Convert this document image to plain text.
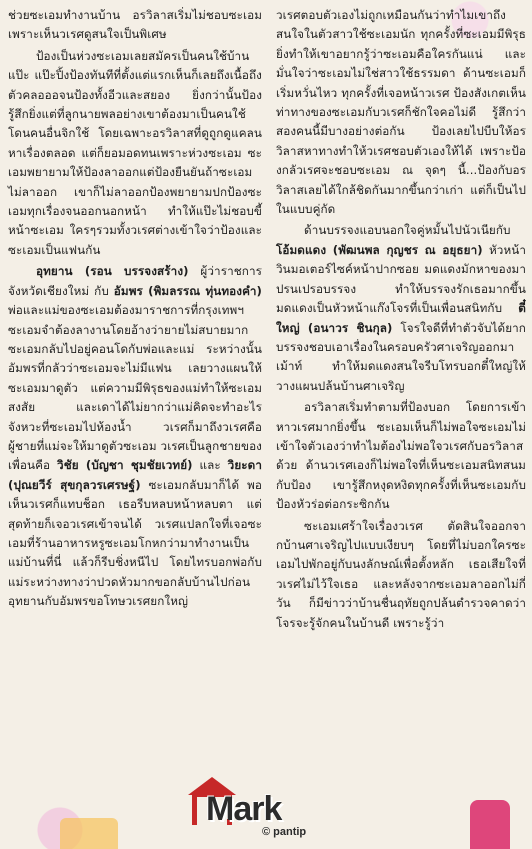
ช่วยซะเอมทำงานบ้าน อรวิลาสเริ่มไม่ชอบซะเอมเพราะเห็นวเรศดูสนใจเป็นพิเศษ

ป้องเป็นห่วงซะเอมเลยสมัครเป็นคนใช้บ้านแป๊ะ แป๊ะปิ้งป้องทันทีที่ตั้งแต่แรกเห็นก็เลยถึงเนื้อถึงตัวคลอออจนป้องทั้งอีวและสยอง ยิ่งกว่านั้นป้องรู้สึกยิ่งแต่ที่ลูกนายพลอย่างเขาต้องมาเป็นคนใช้ โดนคนอื่นจิกใช้ โดยเฉพาะอรวิลาสที่ดูถูกดูแคลนหาเรื่องตลอด แต่ก็ยอมอดทนเพราะห่วงซะเอม ซะเอมพยายามให้ป้องลาออกแต่ป้องยืนยันถ้าซะเอมไม่ลาออก เขาก็ไม่ลาออกป้องพยายามปกป้องซะเอมทุกเรื่องจนออกนอกหน้า ทำให้แป๊ะไม่ชอบขี้หน้าซะเอม ใครๆรวมทั้งวเรศต่างเข้าใจว่าป้องและซะเอมเป็นแฟนกัน

อุทยาน (รอน บรรจงสร้าง) ผู้ว่าราชการจังหวัดเชียงใหม่ กับ อัมพร (พิมลรรณ ทุ่นทองคำ) พ่อและแม่ของซะเอมต้องมาราชการที่กรุงเทพฯ ซะเอมจำต้องลางานโดยอ้างว่ายายไม่สบายมาก ซะเอมกลับไปอยู่คอนโดกับพ่อและแม่ ระหว่างนั้นอัมพรที่กลัวว่าซะเอมจะไม่มีแฟน เลยวางแผนให้ซะเอมมาดูตัว แต่ความมีพิรุธของแม่ทำให้ซะเอมสงสัย และเดาได้ไม่ยากว่าแม่คิดจะทำอะไร จังหวะที่ซะเอมไปห้องน้ำ วเรศก็มาถึงวเรศคือผู้ชายที่แม่จะให้มาดูตัวซะเอม วเรศเป็นลูกชายของเพื่อนคือ วิชัย (บัญชา ชุมชัยเวทย์) และ วิยะดา (ปุณยวีร์ สุขกุลวรเศรษฐ์) ซะเอมกลับมาก็ได้ พอเห็นวเรศก็แทบช็อก เธอรีบหลบหน้าหลบตา แต่สุดท้ายก็เจอวเรศเข้าจนได้ วเรศแปลกใจที่เจอซะเอมที่ร้านอาหารหรูซะเอมโกหกว่ามาทำงานเป็นแม่บ้านที่นี่ แล้วก็รีบชิ่งหนีไป โดยไทรบอกพ่อกับแม่ระหว่างทางว่าปวดหัวมากขอกลับบ้านไปก่อน อุทยานกับอัมพรขอโทษวเรศยกใหญ่

วเรศตอบตัวเองไม่ถูกเหมือนกันว่าทำไมเขาถึงสนใจในตัวสาวใช้ซะเอมนัก ทุกครั้งที่ซะเอมมีพิรุธ ยิ่งทำให้เขาอยากรู้ว่าซะเอมคือใครกันแน่ และมั่นใจว่าซะเอมไม่ใช่สาวใช้ธรรมดา ด้านซะเอมก็เริ่มหวั่นไหว ทุกครั้งที่เจอหน้าวเรศ ป้องสังเกตเห็นท่าทางของซะเอมกับวเรศก็ชักใจคอไม่ดี รู้สึกว่าสองคนนี้มีบางอย่างต่อกัน ป้องเลยไปบีบให้อรวิลาสหาทางทำให้วเรศชอบตัวเองให้ได้ เพราะป้องกลัวเรศจะชอบซะเอม ณ จุดๆ นี้...ป้องกับอรวิลาสเลยได้ใกล้ชิดกันมากขึ้นกว่าเก่า แต่ก็เป็นไปในแบบคู่กัด

ด้านบรรจงแอบนอกใจคู่หมั้นไปนัวเนียกับ โอ้มดแดง (พัฒนพล กุญชร ณ อยุธยา) หัวหน้าวินมอเตอร์ไซค์หน้าปากซอย มดแดงมักหาของมาปรนเปรอบรรจง ทำให้บรรจงรักเธอมากขึ้นมดแดงเป็นหัวหน้าแก๊งโจรที่เป็นเพื่อนสนิทกับ ตี๋ใหญ่ (อนาวร ชินกุล) โจรใจดีที่ทำตัวจับได้ยาก บรรจงชอบเอาเรื่องในครอบครัวศาเจริญออกมาเม้าท์ ทำให้มดแดงสนใจรีบโทรบอกตี๋ใหญ่ให้วางแผนปล้นบ้านศาเจริญ

อรวิลาสเริ่มทำตามที่ป้องบอก โดยการเข้าหาวเรศมากยิ่งขึ้น ซะเอมเห็นก็ไม่พอใจซะเอมไม่เข้าใจตัวเองว่าทำไมต้องไม่พอใจวเรศกับอรวิลาสด้วย ด้านวเรศเองก็ไม่พอใจที่เห็นซะเอมสนิทสนมกับป้อง เขารู้สึกหงุดหงิดทุกครั้งที่เห็นซะเอมกับป้องหัวร่อต่อกระซิกกัน

ซะเอมเศร้าใจเรื่องวเรศ ตัดสินใจออกจากบ้านศาเจริญไปแบบเงียบๆ โดยที่ไม่บอกใครซะเอมไปพักอยู่กับนงลักษณ์เพื่อตั้งหลัก เธอเสียใจที่วเรศไม่ไว้ใจเธอ และหลังจากซะเอมลาออกไม่กี่วัน ก็มีข่าวว่าบ้านชื่นฤทัยถูกปล้นตำรวจคาดว่าโจรจะรู้จักคนในบ้านดี เพราะรู้ว่า

Mark
© pantip
